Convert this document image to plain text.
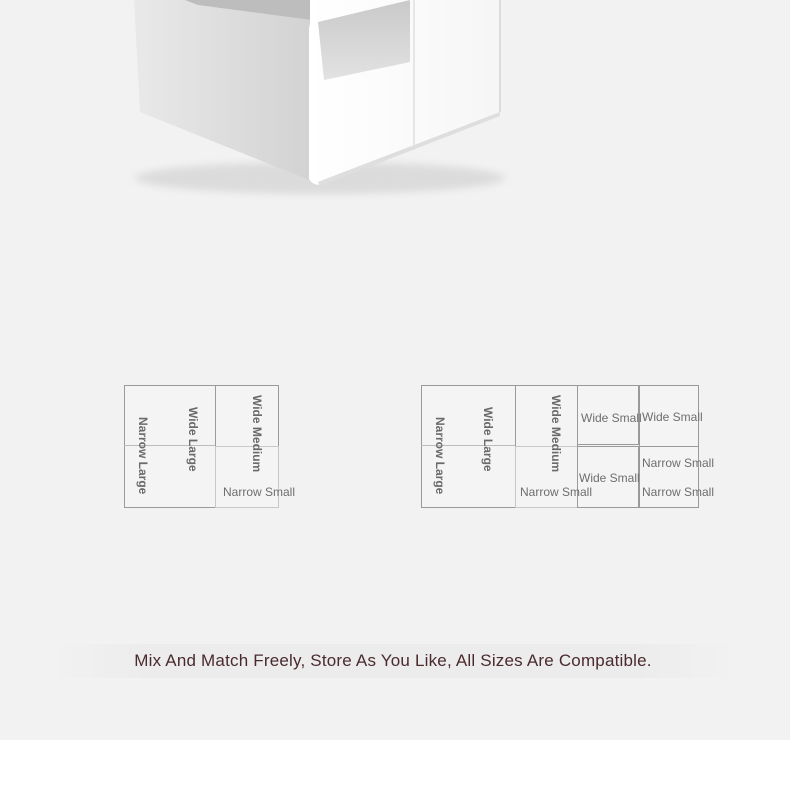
Narrow Large	Wide Large	Wide Medium
Narrow Small	Narrow Large	Wide Large	Wide Medium
Narrow Small
Wide Small
Wide Small
Wide Small
Narrow Small
Narrow Small
Mix And Match Freely, Store As You Like, All Sizes Are Compatible.
